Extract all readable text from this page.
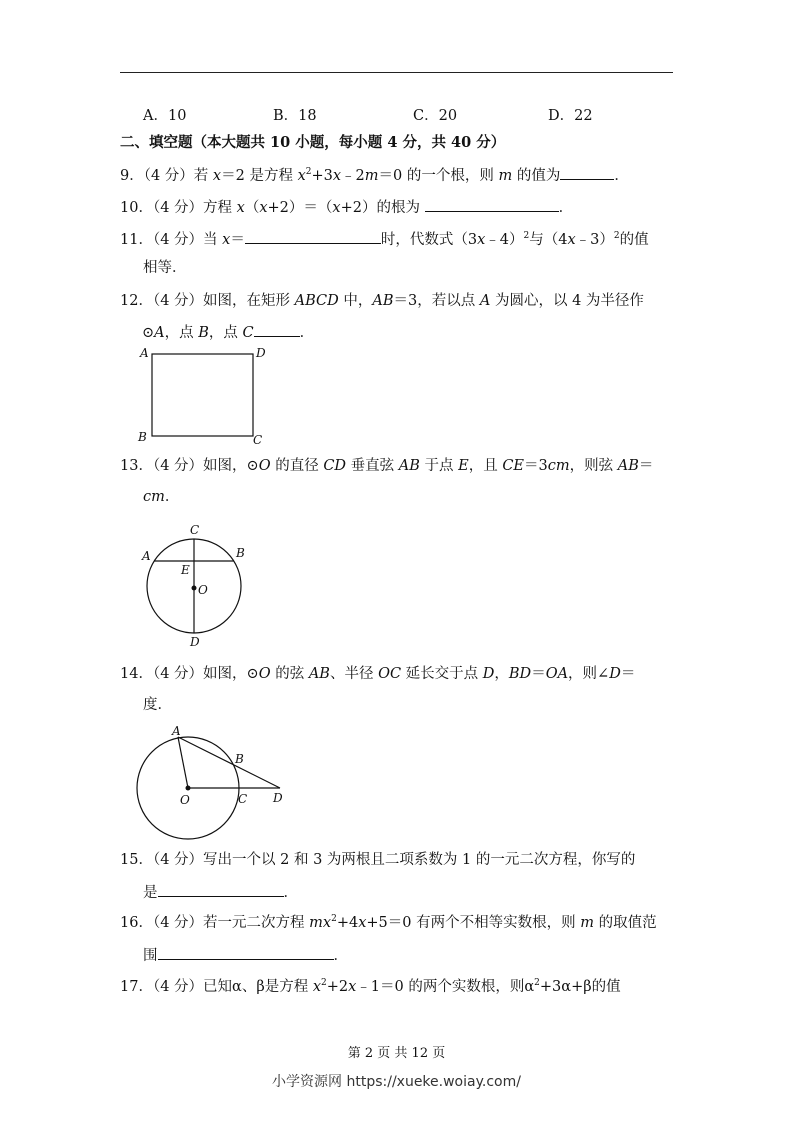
A．10	B．18	C．20	D．22
二、填空题（本大题共 10 小题，每小题 4 分，共 40 分）
9．（4 分）若 x＝2 是方程 $x^2+3x﹣2m=0$ 的一个根，则 m 的值为	．
10．（4 分）方程 x（x+2）＝（x+2）的根为	．
11．（4 分）当 x＝	时，代数式（3x﹣4）$^2$与（4x﹣3）$^2$的值
相等．
12．（4 分）如图，在矩形 ABCD 中，AB＝3，若以点 A 为圆心，以 4 为半径作
⊙A，点 B，点 C	．
A	D
B	C
13．（4 分）如图，⊙O 的直径 CD 垂直弦 AB 于点 E，且 CE＝3cm，则弦 AB＝
cm．
C
A	B
E
O
D
14．（4 分）如图，⊙O 的弦 AB、半径 OC 延长交于点 D，BD＝OA，则∠D＝
度．
A
B
C D
O
15．（4 分）写出一个以 2 和 3 为两根且二项系数为 1 的一元二次方程，你写的
是	．
16．（4 分）若一元二次方程 $mx^2+4x+5=0$ 有两个不相等实数根，则 m 的取值范
围	．
17．（4 分）已知α、β是方程 $x^2+2x﹣1=0$ 的两个实数根，则$\alpha^2+3\alpha+\beta$的值
第 2 页 共 12 页
小学资源网 https://xueke.woiay.com/
